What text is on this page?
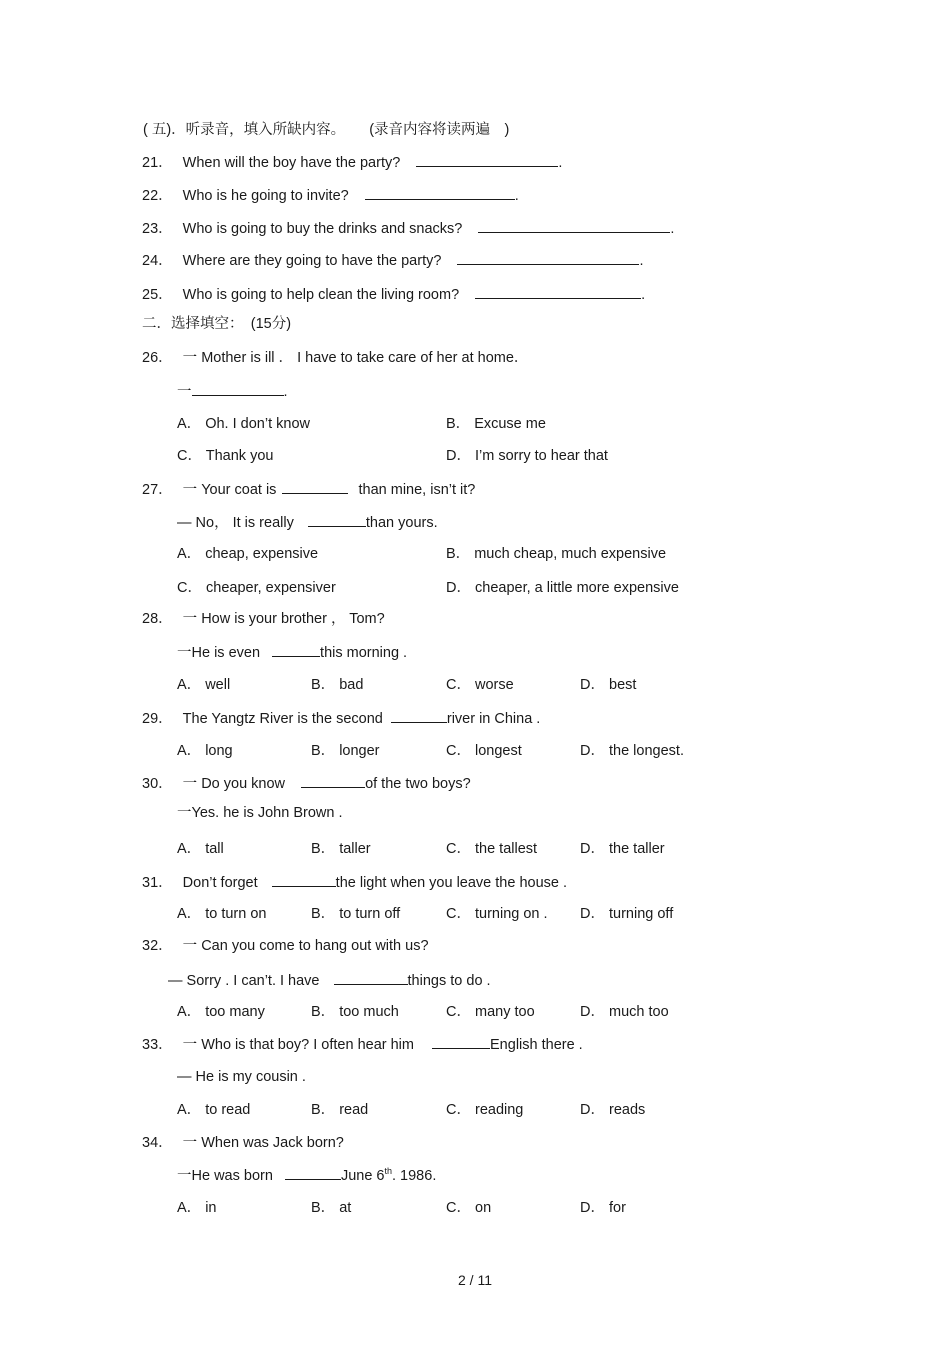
( 五)．听录音，填入所缺内容。 (录音内容将读两遍　)
21． When will the boy have the party?	.
22． Who is he going to invite?	.
23． Who is going to buy the drinks and snacks?	.
24． Where are they going to have the party?	.
25． Who is going to help clean the living room?	.
二．选择填空：　(15分)
26． 一 Mother is ill ． I have to take care of her at home．
一	.
A． Oh. I don’t know	B． Excuse me
C． Thank you	D． I’m sorry to hear that
27． 一 Your coat is	than mine, isn’t it?
— No， It is really	than yours.
A． cheap, expensive	B． much cheap, much expensive
C． cheaper, expensiver	D． cheaper, a little more expensive
28． 一 How is your brother ， Tom?
一He is even	this morning .
A． well	B． bad	C． worse	D． best
29． The Yangtz River is the second	river in China .
A． long	B． longer	C． longest	D． the longest.
30． 一 Do you know	of the two boys?
一Yes. he is John Brown .
A． tall	B． taller	C． the tallest	D． the taller
31． Don’t forget	the light when you leave the house .
A． to turn on	B． to turn off	C． turning on . D． turning off
32． 一 Can you come to hang out with us?
— Sorry . I can’t. I have	things to do .
A． too many	B． too much	C． many too	D． much too
33． 一 Who is that boy? I often hear him	English there .
— He is my cousin .
A． to read	B． read	C． reading	D． reads
34． 一 When was Jack born?
一He was born	June 6th. 1986.
A． in	B． at	C． on	D． for
2 / 11
